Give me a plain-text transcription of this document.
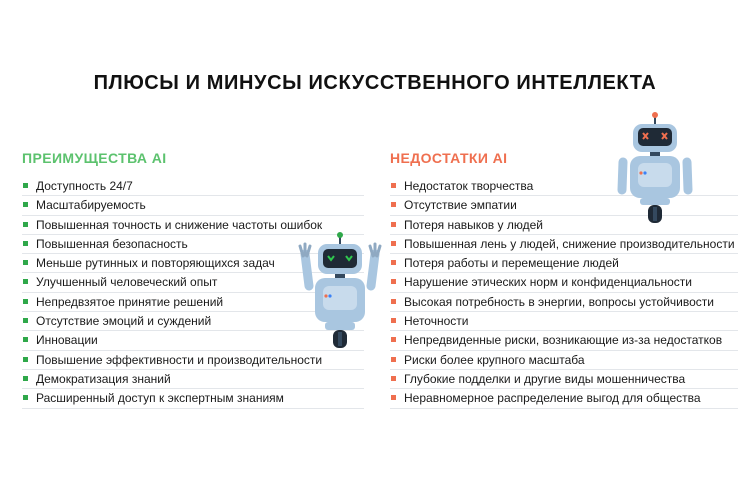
ПЛЮСЫ И МИНУСЫ ИСКУССТВЕННОГО ИНТЕЛЛЕКТА
ПРЕИМУЩЕСТВА AI
Доступность 24/7
Масштабируемость
Повышенная точность и снижение частоты ошибок
Повышенная безопасность
Меньше рутинных и повторяющихся задач
Улучшенный человеческий опыт
Непредвзятое принятие решений
Отсутствие эмоций и суждений
Инновации
Повышение эффективности и производительности
Демократизация знаний
Расширенный доступ к экспертным знаниям
НЕДОСТАТКИ AI
Недостаток творчества
Отсутствие эмпатии
Потеря навыков у людей
Повышенная лень у людей, снижение производительности
Потеря работы и перемещение людей
Нарушение этических норм и конфиденциальности
Высокая потребность в энергии, вопросы устойчивости
Неточности
Непредвиденные риски, возникающие из-за недостатков
Риски более крупного масштаба
Глубокие подделки и другие виды мошенничества
Неравномерное распределение выгод для общества
